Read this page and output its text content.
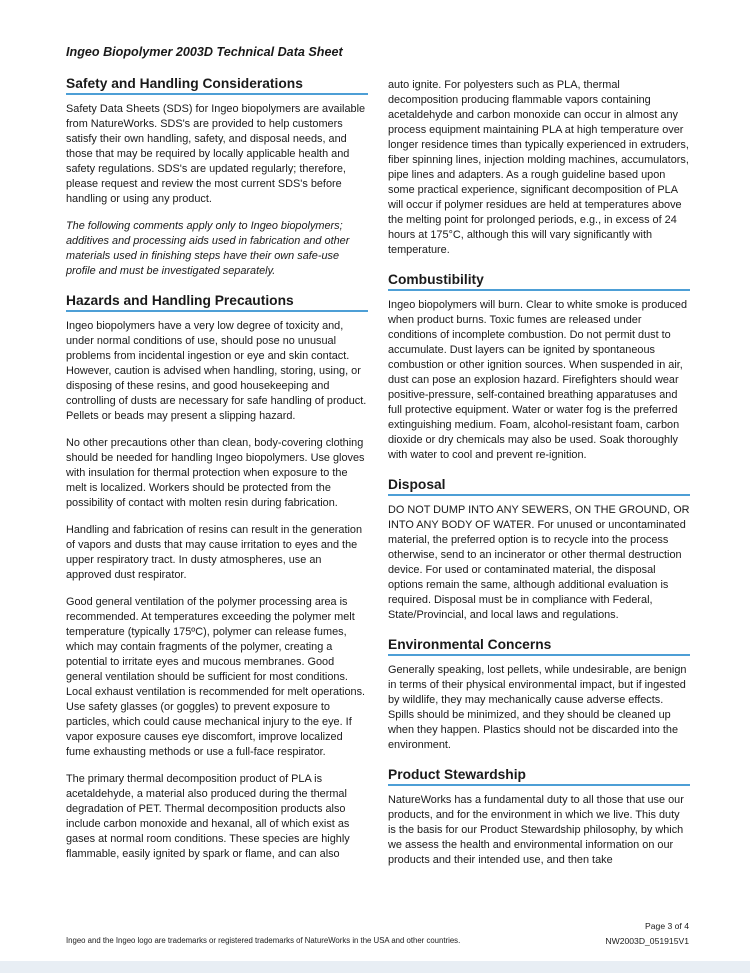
Ingeo Biopolymer 2003D Technical Data Sheet
Safety and Handling Considerations

Safety Data Sheets (SDS) for Ingeo biopolymers are available from NatureWorks. SDS's are provided to help customers satisfy their own handling, safety, and disposal needs, and those that may be required by locally applicable health and safety regulations. SDS's are updated regularly; therefore, please request and review the most current SDS's before handling or using any product.

The following comments apply only to Ingeo biopolymers; additives and processing aids used in fabrication and other materials used in finishing steps have their own safe-use profile and must be investigated separately.

Hazards and Handling Precautions

Ingeo biopolymers have a very low degree of toxicity and, under normal conditions of use, should pose no unusual problems from incidental ingestion or eye and skin contact. However, caution is advised when handling, storing, using, or disposing of these resins, and good housekeeping and controlling of dusts are necessary for safe handling of product. Pellets or beads may present a slipping hazard.

No other precautions other than clean, body-covering clothing should be needed for handling Ingeo biopolymers. Use gloves with insulation for thermal protection when exposure to the melt is localized. Workers should be protected from the possibility of contact with molten resin during fabrication.

Handling and fabrication of resins can result in the generation of vapors and dusts that may cause irritation to eyes and the upper respiratory tract. In dusty atmospheres, use an approved dust respirator.

Good general ventilation of the polymer processing area is recommended. At temperatures exceeding the polymer melt temperature (typically 175ºC), polymer can release fumes, which may contain fragments of the polymer, creating a potential to irritate eyes and mucous membranes. Good general ventilation should be sufficient for most conditions. Local exhaust ventilation is recommended for melt operations. Use safety glasses (or goggles) to prevent exposure to particles, which could cause mechanical injury to the eye. If vapor exposure causes eye discomfort, improve localized fume exhausting methods or use a full-face respirator.

The primary thermal decomposition product of PLA is acetaldehyde, a material also produced during the thermal degradation of PET. Thermal decomposition products also include carbon monoxide and hexanal, all of which exist as gases at normal room conditions. These species are highly flammable, easily ignited by spark or flame, and can also

auto ignite. For polyesters such as PLA, thermal decomposition producing flammable vapors containing acetaldehyde and carbon monoxide can occur in almost any process equipment maintaining PLA at high temperature over longer residence times than typically experienced in extruders, fiber spinning lines, injection molding machines, accumulators, pipe lines and adapters. As a rough guideline based upon some practical experience, significant decomposition of PLA will occur if polymer residues are held at temperatures above the melting point for prolonged periods, e.g., in excess of 24 hours at 175°C, although this will vary significantly with temperature.

Combustibility

Ingeo biopolymers will burn. Clear to white smoke is produced when product burns. Toxic fumes are released under conditions of incomplete combustion. Do not permit dust to accumulate. Dust layers can be ignited by spontaneous combustion or other ignition sources. When suspended in air, dust can pose an explosion hazard. Firefighters should wear positive-pressure, self-contained breathing apparatuses and full protective equipment. Water or water fog is the preferred extinguishing medium. Foam, alcohol-resistant foam, carbon dioxide or dry chemicals may also be used. Soak thoroughly with water to cool and prevent re-ignition.

Disposal

DO NOT DUMP INTO ANY SEWERS, ON THE GROUND, OR INTO ANY BODY OF WATER. For unused or uncontaminated material, the preferred option is to recycle into the process otherwise, send to an incinerator or other thermal destruction device. For used or contaminated material, the disposal options remain the same, although additional evaluation is required. Disposal must be in compliance with Federal, State/Provincial, and local laws and regulations.

Environmental Concerns

Generally speaking, lost pellets, while undesirable, are benign in terms of their physical environmental impact, but if ingested by wildlife, they may mechanically cause adverse effects. Spills should be minimized, and they should be cleaned up when they happen. Plastics should not be discarded into the environment.

Product Stewardship

NatureWorks has a fundamental duty to all those that use our products, and for the environment in which we live. This duty is the basis for our Product Stewardship philosophy, by which we assess the health and environmental information on our products and their intended use, and then take

Page 3 of 4
Ingeo and the Ingeo logo are trademarks or registered trademarks of NatureWorks in the USA and other countries.	NW2003D_051915V1
